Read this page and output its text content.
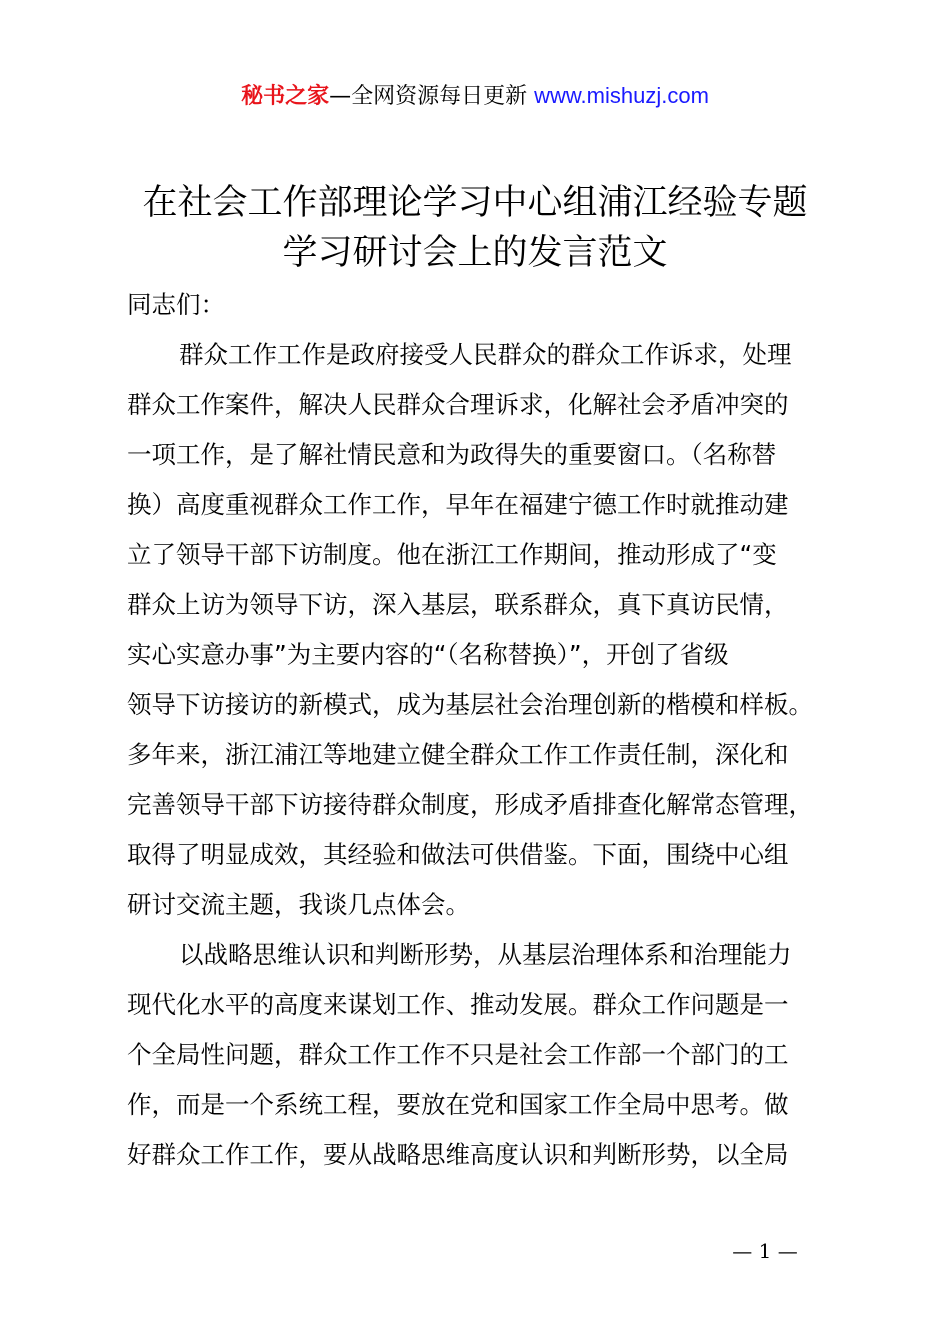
秘书之家—全网资源每日更新 www.mishuzj.com
在社会工作部理论学习中心组浦江经验专题
学习研讨会上的发言范文
同志们：
群众工作工作是政府接受人民群众的群众工作诉求，处理
群众工作案件，解决人民群众合理诉求，化解社会矛盾冲突的
一项工作，是了解社情民意和为政得失的重要窗口。（名称替
换）高度重视群众工作工作，早年在福建宁德工作时就推动建
立了领导干部下访制度。他在浙江工作期间，推动形成了“变
群众上访为领导下访，深入基层，联系群众，真下真访民情，
实心实意办事”为主要内容的“（名称替换）”，开创了省级
领导下访接访的新模式，成为基层社会治理创新的楷模和样板。
多年来，浙江浦江等地建立健全群众工作工作责任制，深化和
完善领导干部下访接待群众制度，形成矛盾排查化解常态管理，
取得了明显成效，其经验和做法可供借鉴。下面，围绕中心组
研讨交流主题，我谈几点体会。
以战略思维认识和判断形势，从基层治理体系和治理能力
现代化水平的高度来谋划工作、推动发展。群众工作问题是一
个全局性问题，群众工作工作不只是社会工作部一个部门的工
作，而是一个系统工程，要放在党和国家工作全局中思考。做
好群众工作工作，要从战略思维高度认识和判断形势，以全局
— 1 —
